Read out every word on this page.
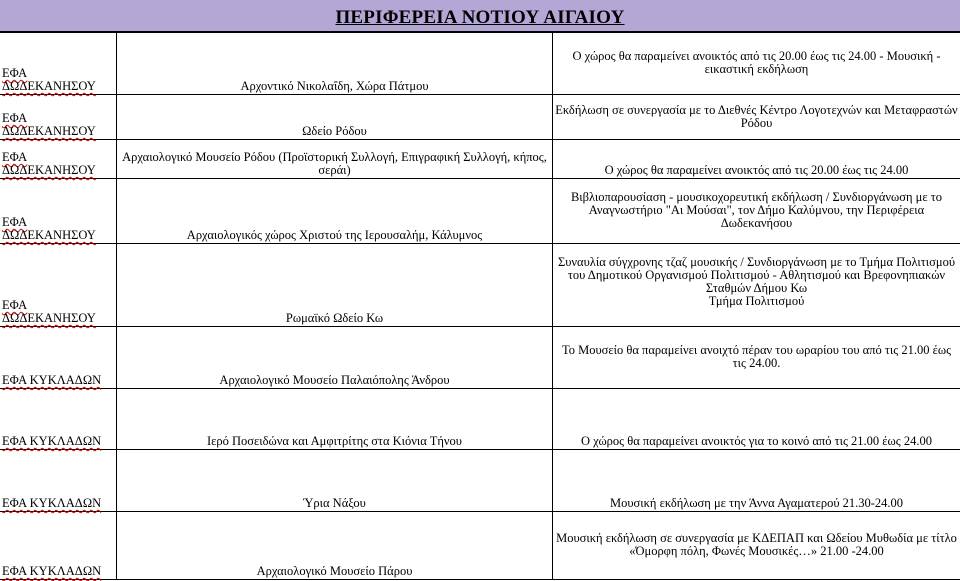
ΠΕΡΙΦΕΡΕΙΑ ΝΟΤΙΟΥ ΑΙΓΑΙΟΥ
ΕΦΑ ΔΩΔΕΚΑΝΗΣΟΥ	Αρχοντικό Νικολαΐδη, Χώρα Πάτμου	Ο χώρος θα παραμείνει ανοικτός από τις 20.00 έως τις 24.00 - Μουσική - εικαστική εκδήλωση
ΕΦΑ ΔΩΔΕΚΑΝΗΣΟΥ	Ωδείο Ρόδου	Εκδήλωση σε συνεργασία με το Διεθνές Κέντρο Λογοτεχνών και Μεταφραστών Ρόδου
ΕΦΑ ΔΩΔΕΚΑΝΗΣΟΥ	Αρχαιολογικό Μουσείο Ρόδου (Προϊστορική Συλλογή, Επιγραφική Συλλογή, κήπος, σεράι)	Ο χώρος θα παραμείνει ανοικτός από τις 20.00 έως τις 24.00
ΕΦΑ ΔΩΔΕΚΑΝΗΣΟΥ	Αρχαιολογικός χώρος Χριστού της Ιερουσαλήμ, Κάλυμνος	Βιβλιοπαρουσίαση - μουσικοχορευτική εκδήλωση / Συνδιοργάνωση με το Αναγνωστήριο "Αι Μούσαι", τον Δήμο Καλύμνου, την Περιφέρεια Δωδεκανήσου
ΕΦΑ ΔΩΔΕΚΑΝΗΣΟΥ	Ρωμαϊκό Ωδείο Κω	Συναυλία σύγχρονης τζαζ μουσικής / Συνδιοργάνωση με το Τμήμα Πολιτισμού του Δημοτικού Οργανισμού Πολιτισμού - Αθλητισμού και Βρεφονηπιακών Σταθμών Δήμου Κω
Τμήμα Πολιτισμού

ΕΦΑ ΚΥΚΛΑΔΩΝ	Αρχαιολογικό Μουσείο Παλαιόπολης Άνδρου	Το Μουσείο θα παραμείνει ανοιχτό πέραν του ωραρίου του από τις 21.00 έως τις 24.00.
ΕΦΑ ΚΥΚΛΑΔΩΝ	Ιερό Ποσειδώνα και Αμφιτρίτης στα Κιόνια Τήνου	Ο χώρος θα παραμείνει ανοικτός για το κοινό από τις 21.00 έως 24.00
ΕΦΑ ΚΥΚΛΑΔΩΝ	Ύρια Νάξου	Μουσική εκδήλωση με την Άννα Αγαματερού 21.30-24.00
ΕΦΑ ΚΥΚΛΑΔΩΝ	Αρχαιολογικό Μουσείο Πάρου	Μουσική εκδήλωση σε συνεργασία με ΚΔΕΠΑΠ και Ωδείου Μυθωδία με τίτλο «Όμορφη πόλη, Φωνές Μουσικές…» 21.00 -24.00
